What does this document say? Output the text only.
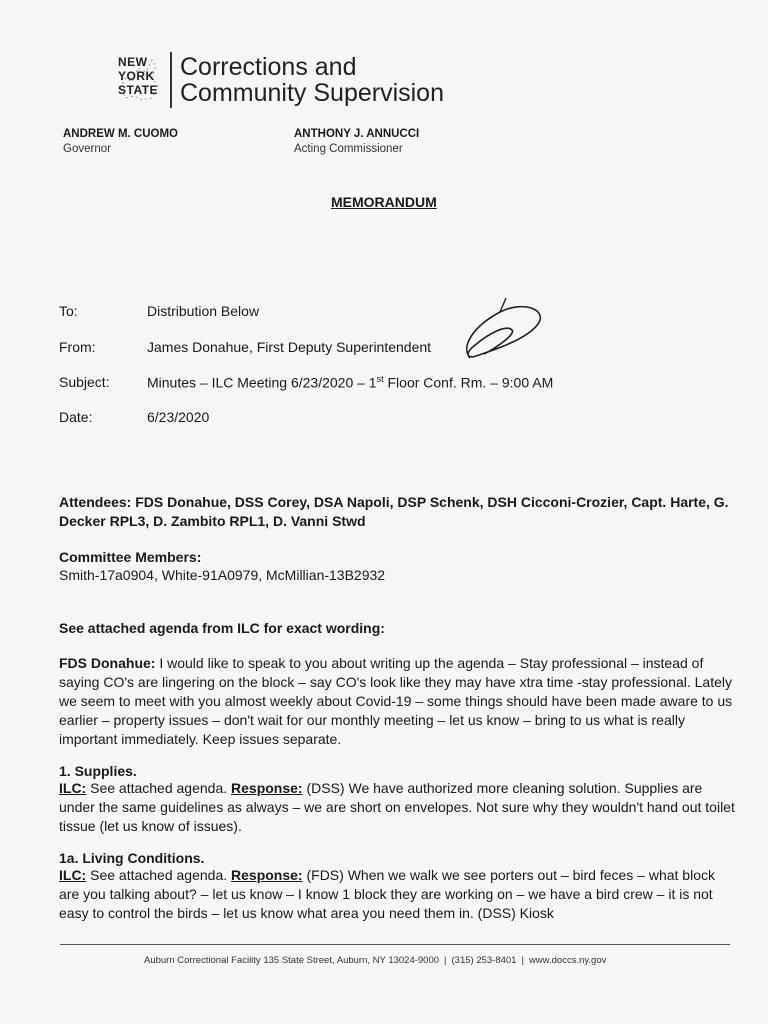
NEW
YORK
STATE
Corrections and
Community Supervision
ANDREW M. CUOMO
Governor
ANTHONY J. ANNUCCI
Acting Commissioner
MEMORANDUM
To:	Distribution Below
From:	James Donahue, First Deputy Superintendent
Subject:	Minutes – ILC Meeting 6/23/2020 – 1st Floor Conf. Rm. – 9:00 AM
Date:	6/23/2020
Attendees: FDS Donahue, DSS Corey, DSA Napoli, DSP Schenk, DSH Cicconi-Crozier, Capt. Harte, G. Decker RPL3, D. Zambito RPL1, D. Vanni Stwd
Committee Members:
Smith-17a0904, White-91A0979, McMillian-13B2932
See attached agenda from ILC for exact wording:
FDS Donahue: I would like to speak to you about writing up the agenda – Stay professional – instead of saying CO's are lingering on the block – say CO's look like they may have xtra time -stay professional. Lately we seem to meet with you almost weekly about Covid-19 – some things should have been made aware to us earlier – property issues – don't wait for our monthly meeting – let us know – bring to us what is really important immediately. Keep issues separate.
1. Supplies.
ILC: See attached agenda. Response: (DSS) We have authorized more cleaning solution. Supplies are under the same guidelines as always – we are short on envelopes. Not sure why they wouldn't hand out toilet tissue (let us know of issues).
1a. Living Conditions.
ILC: See attached agenda. Response: (FDS) When we walk we see porters out – bird feces – what block are you talking about? – let us know – I know 1 block they are working on – we have a bird crew – it is not easy to control the birds – let us know what area you need them in. (DSS) Kiosk
Auburn Correctional Facility 135 State Street, Auburn, NY 13024-9000 | (315) 253-8401 | www.doccs.ny.gov
